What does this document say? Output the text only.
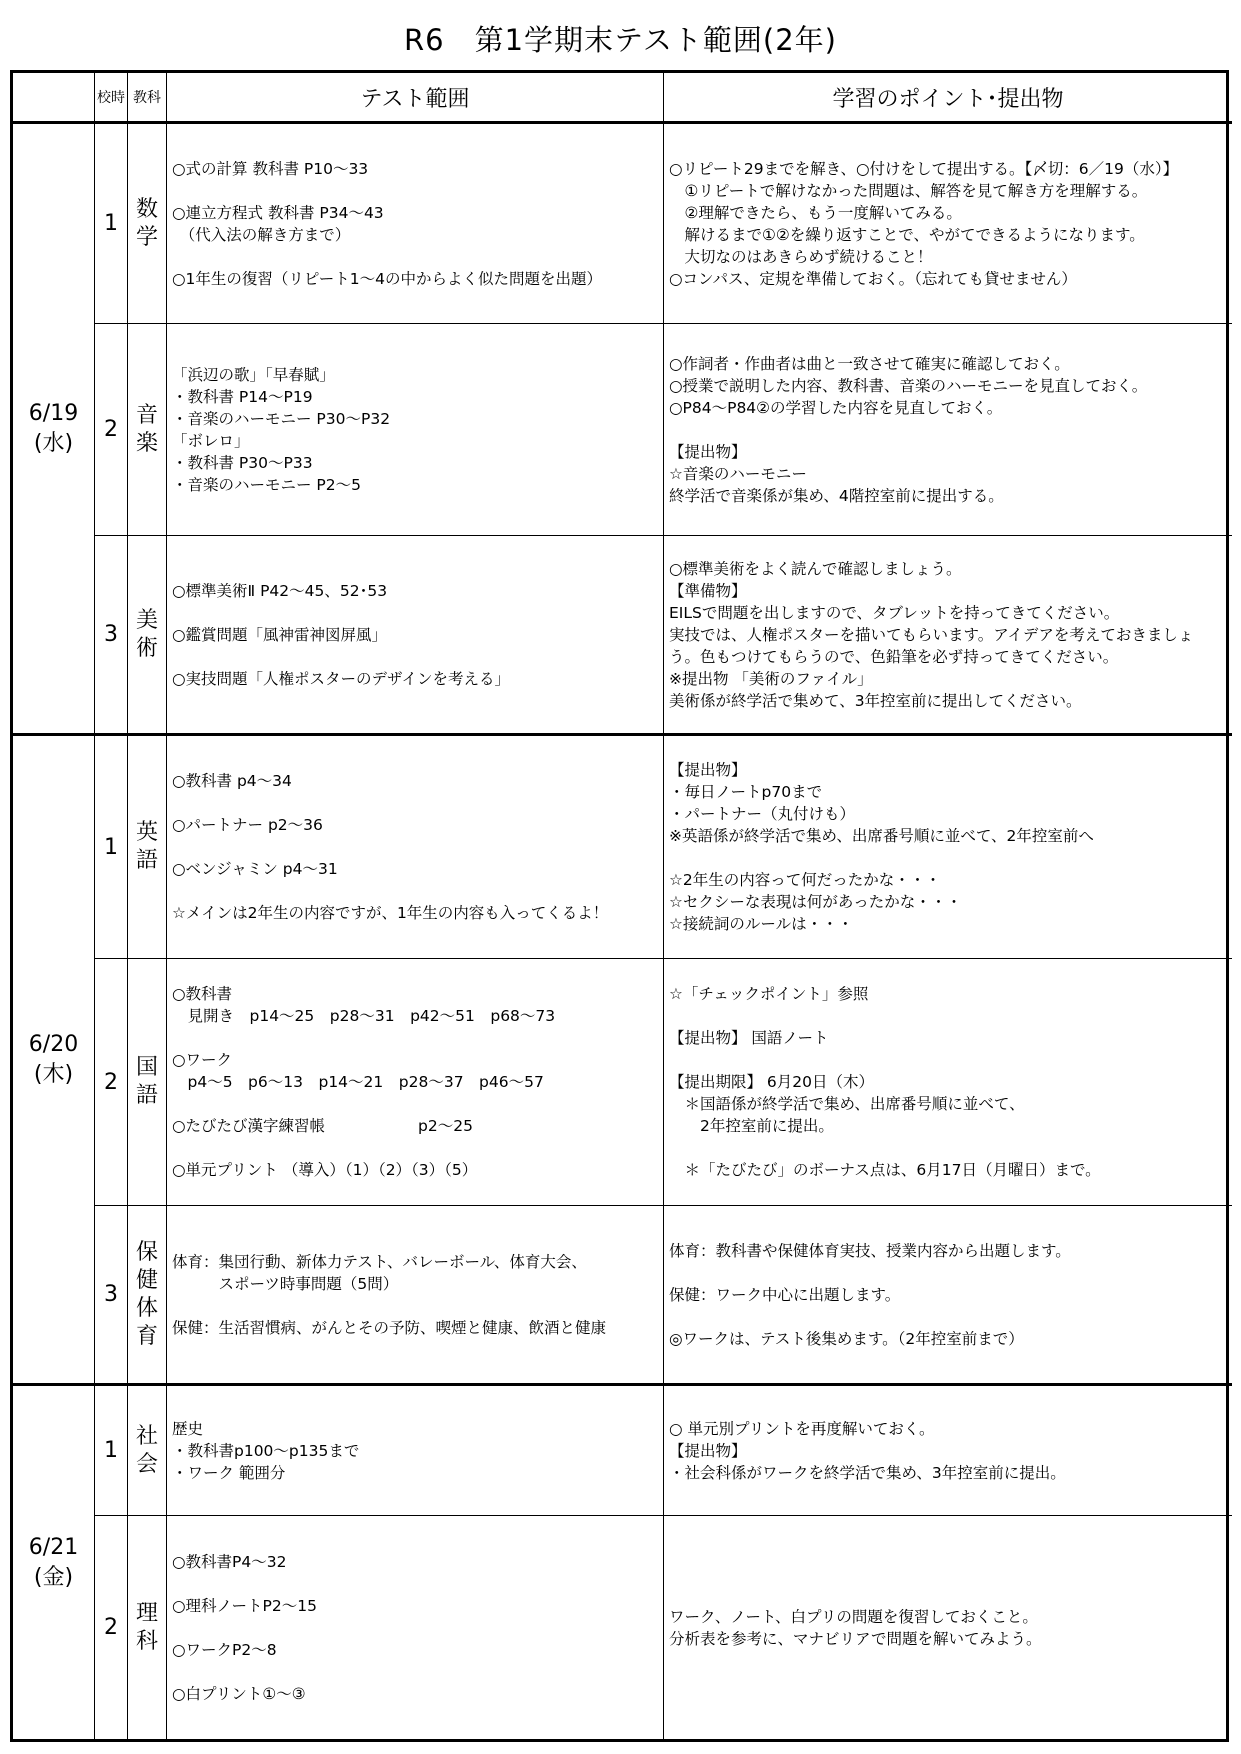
R6　第1学期末テスト範囲(2年)
校時 教科	テスト範囲	学習のポイント･提出物
6/19
(水)
6/20
(木)
6/21
(金)
1
数学
○式の計算 教科書 P10～33

○連立方程式 教科書 P34～43
　（代入法の解き方まで）

○1年生の復習（リピート1～4の中からよく似た問題を出題）
○リピート29までを解き、○付けをして提出する。【〆切：6／19（水）】
　①リピートで解けなかった問題は、解答を見て解き方を理解する。
　②理解できたら、もう一度解いてみる。
　解けるまで①②を繰り返すことで、やがてできるようになります。
　大切なのはあきらめず続けること！
○コンパス、定規を準備しておく。（忘れても貸せません）
2
音楽
「浜辺の歌」「早春賦」
・教科書 P14～P19
・音楽のハーモニー P30～P32
「ボレロ」
・教科書 P30～P33
・音楽のハーモニー P2～5
○作詞者・作曲者は曲と一致させて確実に確認しておく。
○授業で説明した内容、教科書、音楽のハーモニーを見直しておく。
○P84～P84②の学習した内容を見直しておく。

【提出物】
☆音楽のハーモニー
終学活で音楽係が集め、4階控室前に提出する。
3
美術
○標準美術Ⅱ P42～45、52･53

○鑑賞問題「風神雷神図屏風」

○実技問題「人権ポスターのデザインを考える」
○標準美術をよく読んで確認しましょう。
【準備物】
EILSで問題を出しますので、タブレットを持ってきてください。
実技では、人権ポスターを描いてもらいます。アイデアを考えておきましょ
う。色もつけてもらうので、色鉛筆を必ず持ってきてください。
※提出物 「美術のファイル」
美術係が終学活で集めて、3年控室前に提出してください。
1
英語
○教科書 p4～34

○パートナー p2～36

○ベンジャミン p4～31

☆メインは2年生の内容ですが、1年生の内容も入ってくるよ！
【提出物】
・毎日ノートp70まで
・パートナー（丸付けも）
※英語係が終学活で集め、出席番号順に並べて、2年控室前へ

☆2年生の内容って何だったかな・・・
☆セクシーな表現は何があったかな・・・
☆接続詞のルールは・・・
2
国語
○教科書
　見開き　p14～25　p28～31　p42～51　p68～73

○ワーク
　p4～5　p6～13　p14～21　p28～37　p46～57

○たびたび漢字練習帳　　　　　　p2～25

○単元プリント （導入）（1）（2）（3）（5）
☆「チェックポイント」参照

【提出物】 国語ノート

【提出期限】 6月20日（木）
　＊国語係が終学活で集め、出席番号順に並べて、
　　2年控室前に提出。

　＊「たびたび」のボーナス点は、6月17日（月曜日）まで。
3
保健体育
体育：集団行動、新体力テスト、バレーボール、体育大会、
　　　スポーツ時事問題（5問）

保健：生活習慣病、がんとその予防、喫煙と健康、飲酒と健康
体育：教科書や保健体育実技、授業内容から出題します。

保健：ワーク中心に出題します。

◎ワークは、テスト後集めます。（2年控室前まで）
1
社会
歴史
・教科書p100～p135まで
・ワーク 範囲分
○ 単元別プリントを再度解いておく。
【提出物】
・社会科係がワークを終学活で集め、3年控室前に提出。
2
理科
○教科書P4～32

○理科ノートP2～15

○ワークP2～8

○白プリント①～③
ワーク、ノート、白プリの問題を復習しておくこと。
分析表を参考に、マナビリアで問題を解いてみよう。
